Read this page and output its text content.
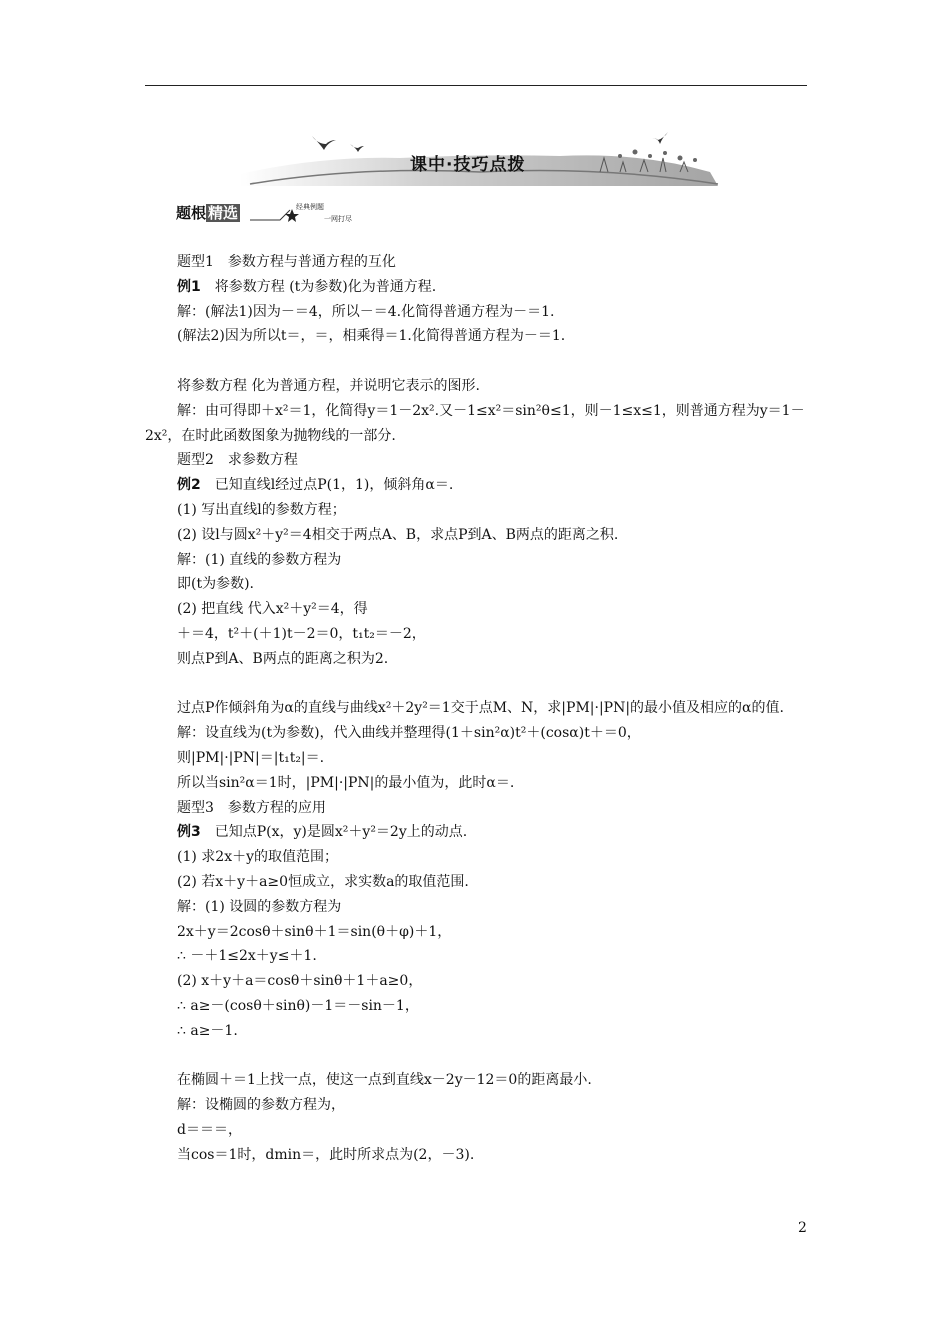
课中·技巧点拨
题根 精选	经典例题
一网打尽
题型1　参数方程与普通方程的互化
例1　将参数方程 (t为参数)化为普通方程.
解：(解法1)因为－＝4，所以－＝4.化简得普通方程为－＝1.
(解法2)因为所以t＝，＝，相乘得＝1.化简得普通方程为－＝1.
将参数方程 化为普通方程，并说明它表示的图形.
解：由可得即＋x²＝1，化简得y＝1－2x².又－1≤x²＝sin²θ≤1，则－1≤x≤1，则普通方程为y＝1－2x²，在时此函数图象为抛物线的一部分.
题型2　求参数方程
例2　已知直线l经过点P(1，1)，倾斜角α＝.
(1) 写出直线l的参数方程；
(2) 设l与圆x²＋y²＝4相交于两点A、B，求点P到A、B两点的距离之积.
解：(1) 直线的参数方程为
即(t为参数).
(2) 把直线 代入x²＋y²＝4，得
＋＝4，t²＋(＋1)t－2＝0，t₁t₂＝－2，
则点P到A、B两点的距离之积为2.
过点P作倾斜角为α的直线与曲线x²＋2y²＝1交于点M、N，求|PM|·|PN|的最小值及相应的α的值.
解：设直线为(t为参数)，代入曲线并整理得(1＋sin²α)t²＋(cosα)t＋＝0，
则|PM|·|PN|＝|t₁t₂|＝.
所以当sin²α＝1时，|PM|·|PN|的最小值为，此时α＝.
题型3　参数方程的应用
例3　已知点P(x，y)是圆x²＋y²＝2y上的动点.
(1) 求2x＋y的取值范围；
(2) 若x＋y＋a≥0恒成立，求实数a的取值范围.
解：(1) 设圆的参数方程为
2x＋y＝2cosθ＋sinθ＋1＝sin(θ＋φ)＋1，
∴ －＋1≤2x＋y≤＋1.
(2) x＋y＋a＝cosθ＋sinθ＋1＋a≥0，
∴ a≥－(cosθ＋sinθ)－1＝－sin－1，
∴ a≥－1.
在椭圆＋＝1上找一点，使这一点到直线x－2y－12＝0的距离最小.
解：设椭圆的参数方程为，
d＝＝＝，
当cos＝1时，dmin＝，此时所求点为(2，－3).
2
